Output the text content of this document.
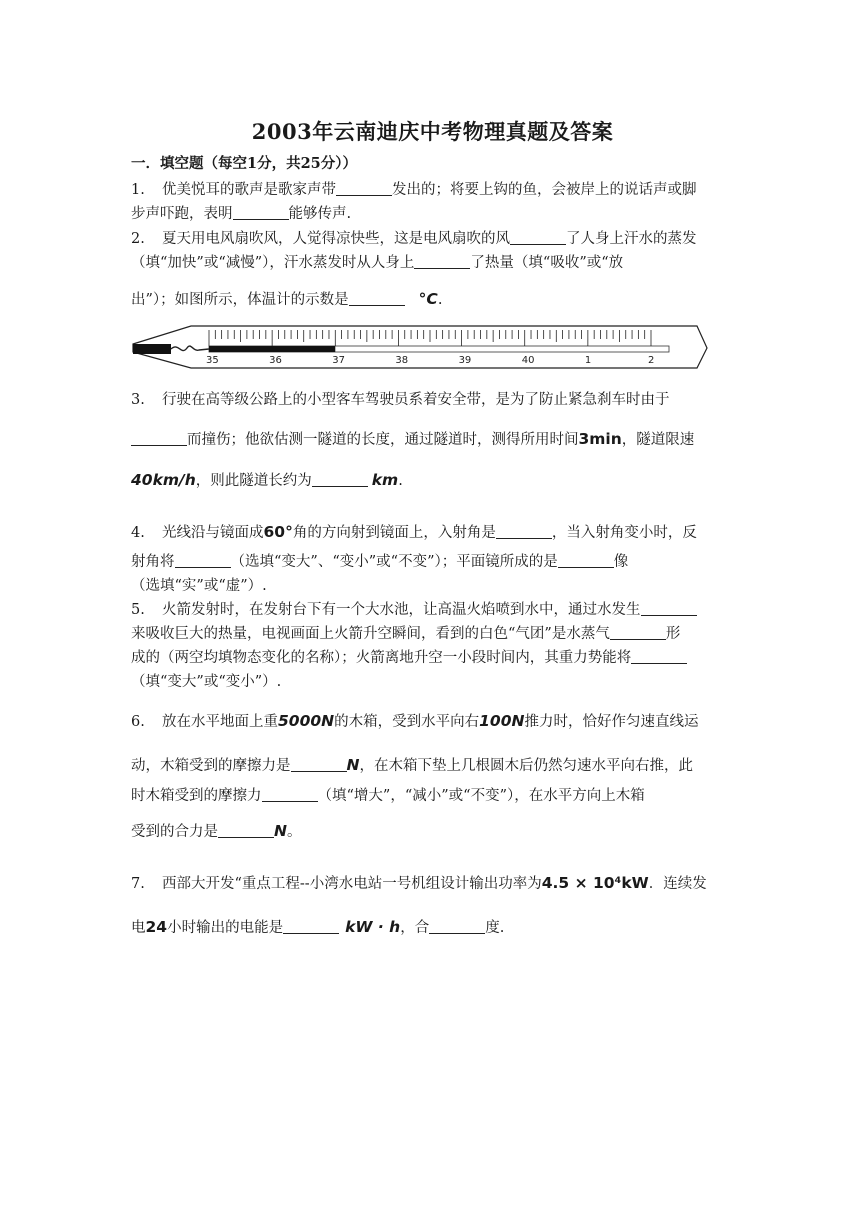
2003年云南迪庆中考物理真题及答案
一．填空题（每空1分，共25分））
1. 优美悦耳的歌声是歌家声带	发出的；将要上钩的鱼，会被岸上的说话声或脚
步声吓跑，表明	能够传声.
2. 夏天用电风扇吹风，人觉得凉快些，这是电风扇吹的风	了人身上汗水的蒸发
（填“加快”或“减慢”），汗水蒸发时从人身上	了热量（填“吸收”或“放
出”）；如图所示，体温计的示数是	°C.
35	36	37	38	39	40	1	2
3. 行驶在高等级公路上的小型客车驾驶员系着安全带，是为了防止紧急刹车时由于
而撞伤；他欲估测一隧道的长度，通过隧道时，测得所用时间3min，隧道限速
40km/h，则此隧道长约为	km.
4. 光线沿与镜面成60°角的方向射到镜面上，入射角是	，当入射角变小时，反
射角将	（选填“变大”、“变小”或“不变”）；平面镜所成的是	像
（选填“实”或“虚”）.
5. 火箭发射时，在发射台下有一个大水池，让高温火焰喷到水中，通过水发生
来吸收巨大的热量，电视画面上火箭升空瞬间，看到的白色“气团”是水蒸气	形
成的（两空均填物态变化的名称）；火箭离地升空一小段时间内，其重力势能将
（填“变大”或“变小”）.
6. 放在水平地面上重5000N的木箱，受到水平向右100N推力时，恰好作匀速直线运
动，木箱受到的摩擦力是	N，在木箱下垫上几根圆木后仍然匀速水平向右推，此
时木箱受到的摩擦力	（填“增大”，“减小”或“不变”），在水平方向上木箱
受到的合力是	N。
7. 西部大开发“重点工程--小湾水电站一号机组设计输出功率为4.5 × 10⁴kW．连续发
电24小时输出的电能是	kW · h，合	度.
